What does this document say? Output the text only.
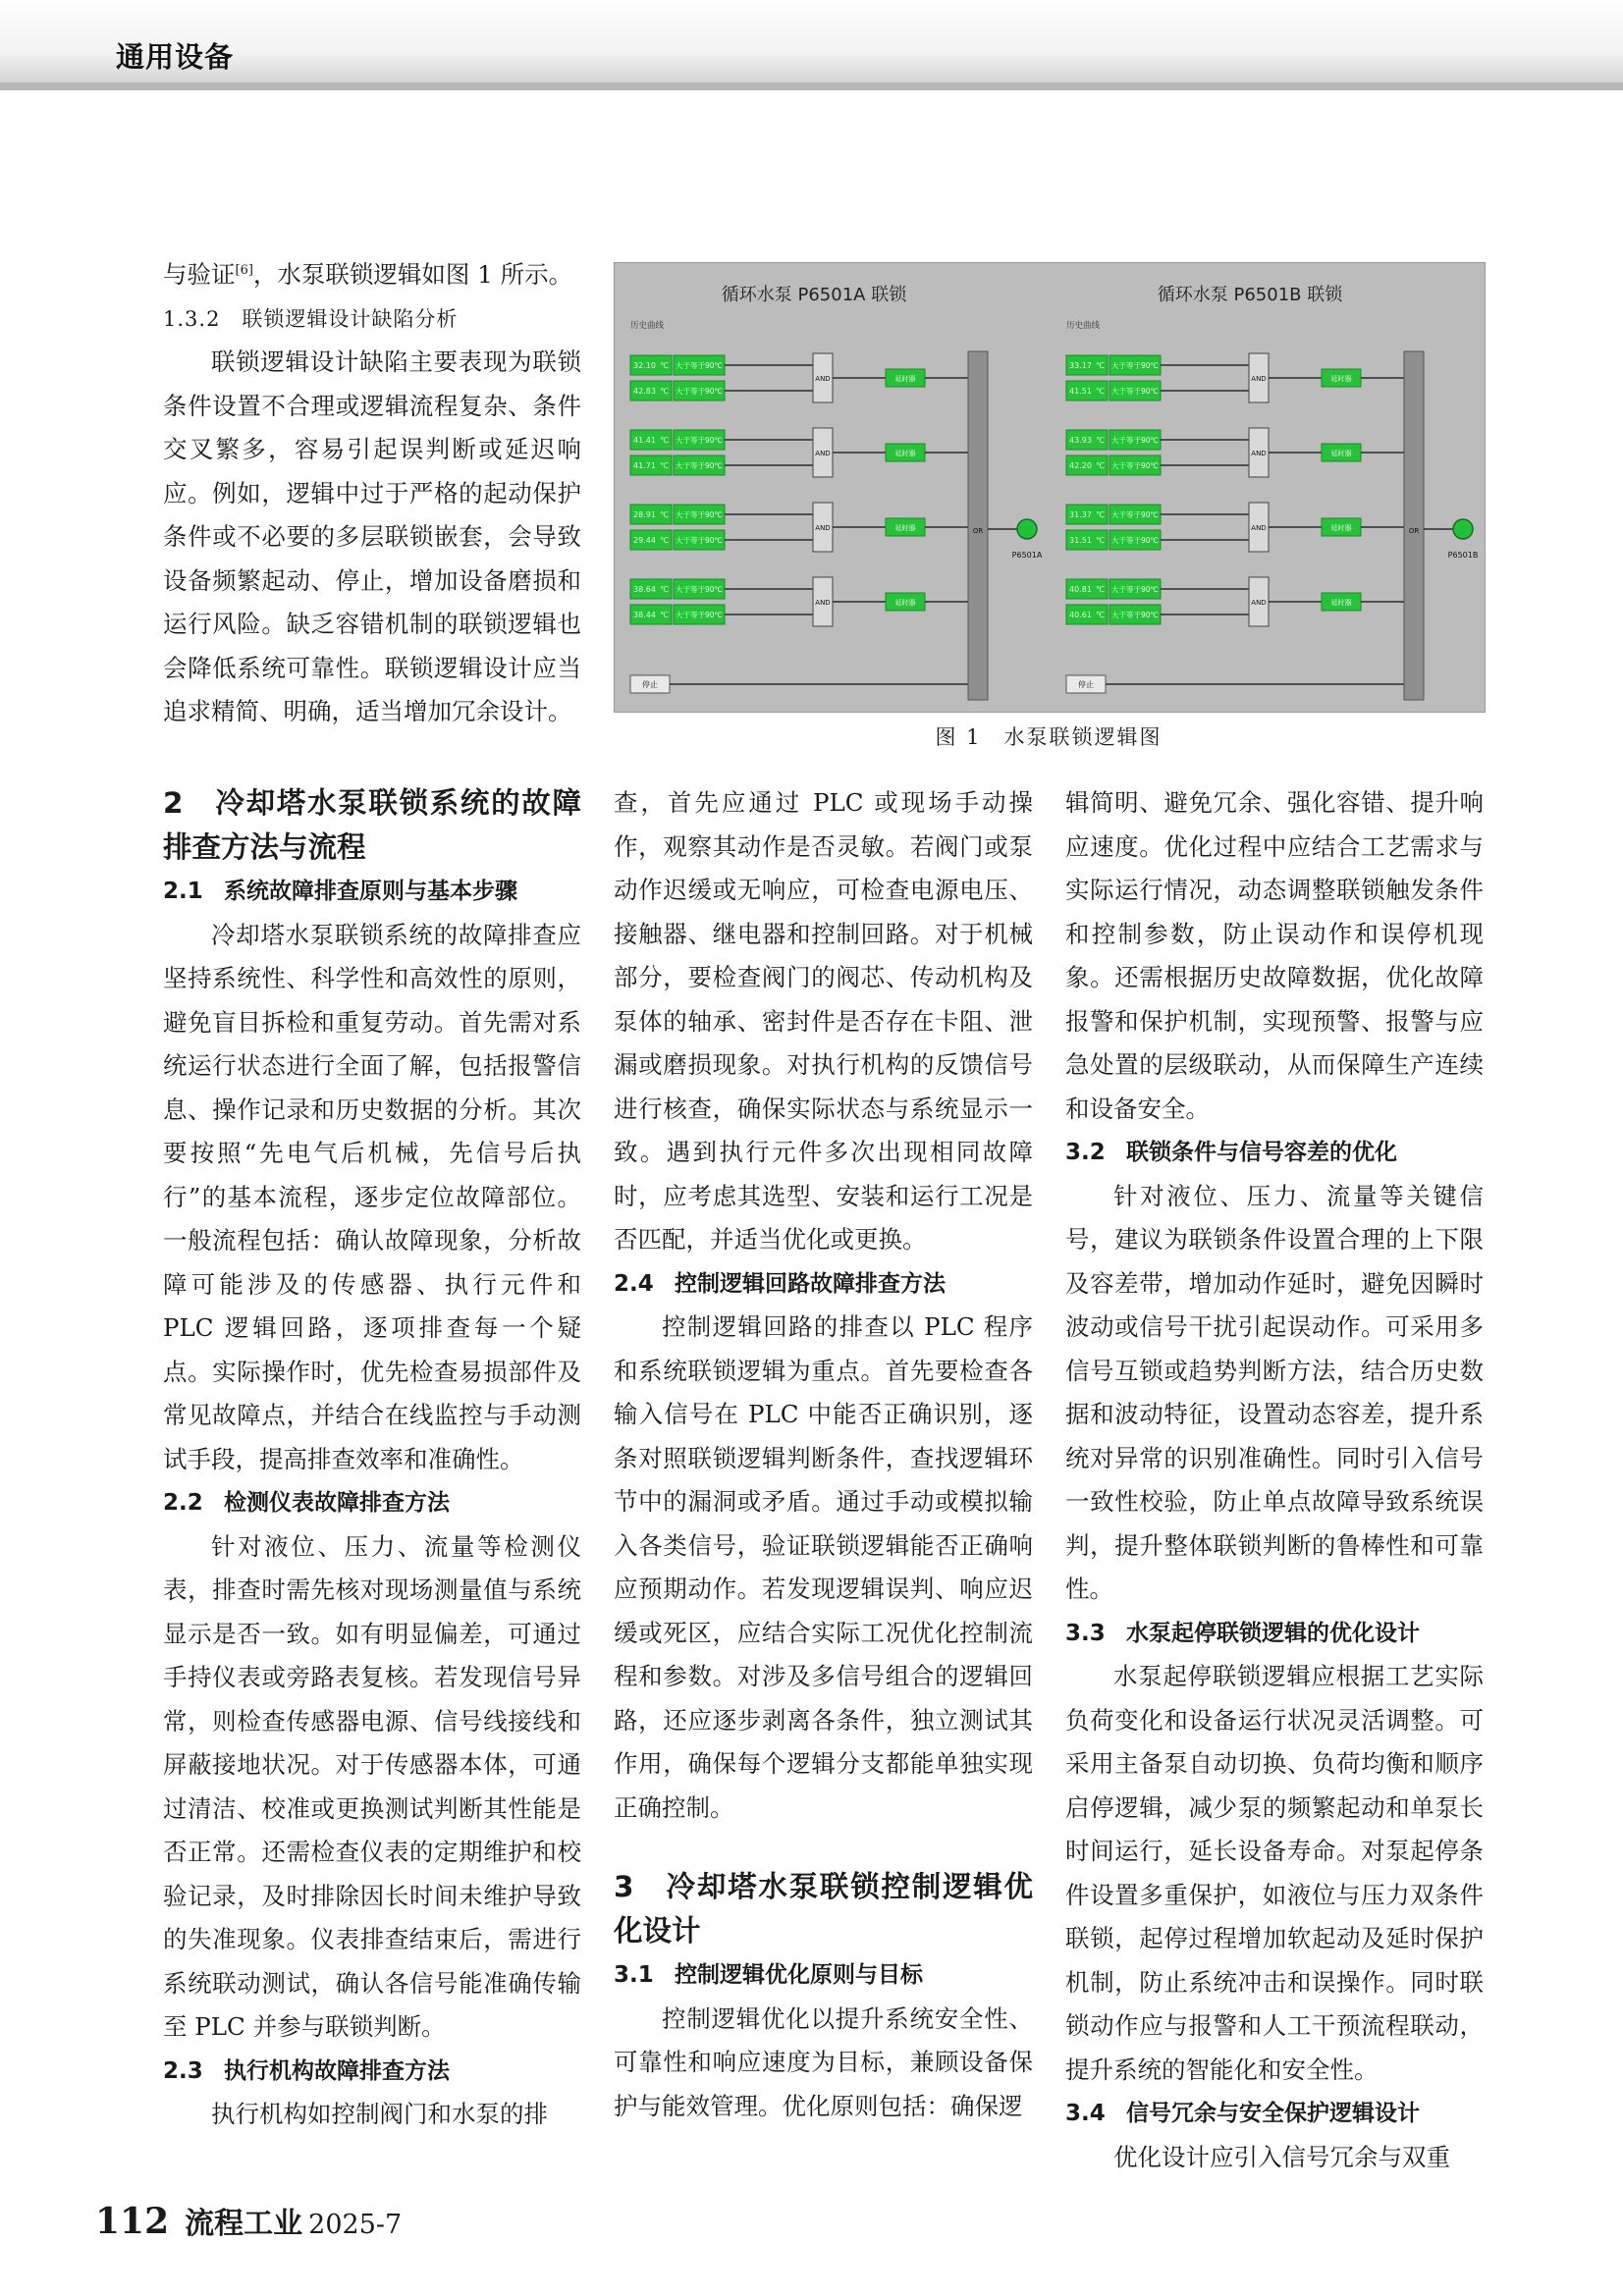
通用设备

与验证[6]，水泵联锁逻辑如图 1 所示。

1.3.2　联锁逻辑设计缺陷分析

联锁逻辑设计缺陷主要表现为联锁条件设置不合理或逻辑流程复杂、条件交叉繁多，容易引起误判断或延迟响应。例如，逻辑中过于严格的起动保护条件或不必要的多层联锁嵌套，会导致设备频繁起动、停止，增加设备磨损和运行风险。缺乏容错机制的联锁逻辑也会降低系统可靠性。联锁逻辑设计应当追求精简、明确，适当增加冗余设计。

循环水泵 P6501A 联锁
历史曲线
32.10 ℃ 大于等于90℃
42.83 ℃ 大于等于90℃
41.41 ℃ 大于等于90℃
41.71 ℃ 大于等于90℃
28.91 ℃ 大于等于90℃
29.44 ℃ 大于等于90℃
38.64 ℃ 大于等于90℃
38.44 ℃ 大于等于90℃
AND	延时器
AND	延时器
AND	延时器
AND	延时器
停止
OR
P6501A
循环水泵 P6501B 联锁
历史曲线
33.17 ℃ 大于等于90℃
41.51 ℃ 大于等于90℃
43.93 ℃ 大于等于90℃
42.20 ℃ 大于等于90℃
31.37 ℃ 大于等于90℃
31.51 ℃ 大于等于90℃
40.81 ℃ 大于等于90℃
40.61 ℃ 大于等于90℃
AND	延时器
AND	延时器
AND	延时器
AND	延时器
停止
OR
P6501B
图 1　水泵联锁逻辑图

2　冷却塔水泵联锁系统的故障排查方法与流程

2.1 系统故障排查原则与基本步骤

冷却塔水泵联锁系统的故障排查应坚持系统性、科学性和高效性的原则，避免盲目拆检和重复劳动。首先需对系统运行状态进行全面了解，包括报警信息、操作记录和历史数据的分析。其次要按照“先电气后机械，先信号后执行”的基本流程，逐步定位故障部位。一般流程包括：确认故障现象，分析故障可能涉及的传感器、执行元件和 PLC 逻辑回路，逐项排查每一个疑点。实际操作时，优先检查易损部件及常见故障点，并结合在线监控与手动测试手段，提高排查效率和准确性。

2.2 检测仪表故障排查方法

针对液位、压力、流量等检测仪表，排查时需先核对现场测量值与系统显示是否一致。如有明显偏差，可通过手持仪表或旁路表复核。若发现信号异常，则检查传感器电源、信号线接线和屏蔽接地状况。对于传感器本体，可通过清洁、校准或更换测试判断其性能是否正常。还需检查仪表的定期维护和校验记录，及时排除因长时间未维护导致的失准现象。仪表排查结束后，需进行系统联动测试，确认各信号能准确传输至 PLC 并参与联锁判断。

2.3 执行机构故障排查方法

执行机构如控制阀门和水泵的排

查，首先应通过 PLC 或现场手动操作，观察其动作是否灵敏。若阀门或泵动作迟缓或无响应，可检查电源电压、接触器、继电器和控制回路。对于机械部分，要检查阀门的阀芯、传动机构及泵体的轴承、密封件是否存在卡阻、泄漏或磨损现象。对执行机构的反馈信号进行核查，确保实际状态与系统显示一致。遇到执行元件多次出现相同故障时，应考虑其选型、安装和运行工况是否匹配，并适当优化或更换。

2.4 控制逻辑回路故障排查方法

控制逻辑回路的排查以 PLC 程序和系统联锁逻辑为重点。首先要检查各输入信号在 PLC 中能否正确识别，逐条对照联锁逻辑判断条件，查找逻辑环节中的漏洞或矛盾。通过手动或模拟输入各类信号，验证联锁逻辑能否正确响应预期动作。若发现逻辑误判、响应迟缓或死区，应结合实际工况优化控制流程和参数。对涉及多信号组合的逻辑回路，还应逐步剥离各条件，独立测试其作用，确保每个逻辑分支都能单独实现正确控制。

3　冷却塔水泵联锁控制逻辑优化设计

3.1 控制逻辑优化原则与目标

控制逻辑优化以提升系统安全性、可靠性和响应速度为目标，兼顾设备保护与能效管理。优化原则包括：确保逻

辑简明、避免冗余、强化容错、提升响应速度。优化过程中应结合工艺需求与实际运行情况，动态调整联锁触发条件和控制参数，防止误动作和误停机现象。还需根据历史故障数据，优化故障报警和保护机制，实现预警、报警与应急处置的层级联动，从而保障生产连续和设备安全。

3.2 联锁条件与信号容差的优化

针对液位、压力、流量等关键信号，建议为联锁条件设置合理的上下限及容差带，增加动作延时，避免因瞬时波动或信号干扰引起误动作。可采用多信号互锁或趋势判断方法，结合历史数据和波动特征，设置动态容差，提升系统对异常的识别准确性。同时引入信号一致性校验，防止单点故障导致系统误判，提升整体联锁判断的鲁棒性和可靠性。

3.3 水泵起停联锁逻辑的优化设计

水泵起停联锁逻辑应根据工艺实际负荷变化和设备运行状况灵活调整。可采用主备泵自动切换、负荷均衡和顺序启停逻辑，减少泵的频繁起动和单泵长时间运行，延长设备寿命。对泵起停条件设置多重保护，如液位与压力双条件联锁，起停过程增加软起动及延时保护机制，防止系统冲击和误操作。同时联锁动作应与报警和人工干预流程联动，提升系统的智能化和安全性。

3.4 信号冗余与安全保护逻辑设计

优化设计应引入信号冗余与双重

112 流程工业 2025-7
